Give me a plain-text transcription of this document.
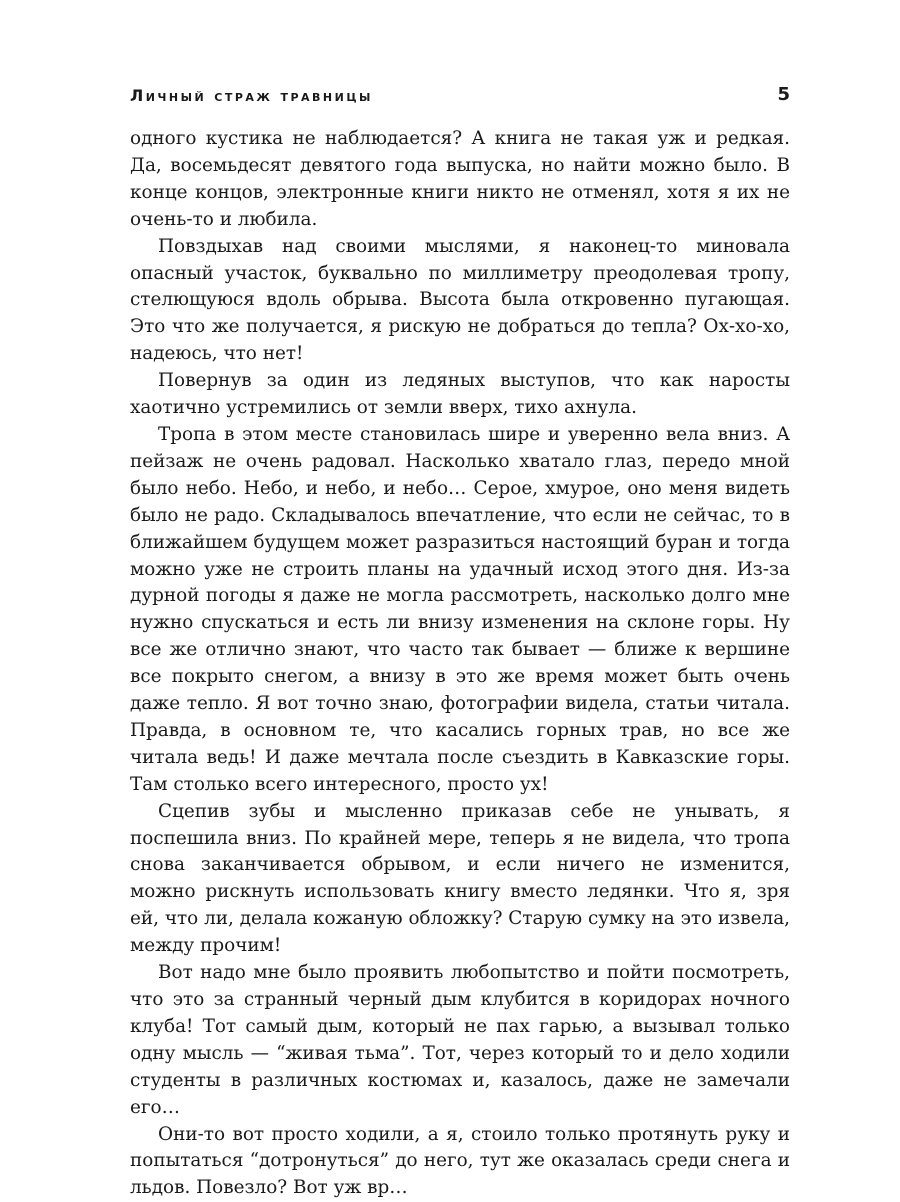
Личный страж травницы	5

одного кустика не наблюдается? А книга не такая уж и редкая. Да, восемьдесят девятого года выпуска, но найти можно было. В конце концов, электронные книги никто не отменял, хотя я их не очень-то и любила.

Повздыхав над своими мыслями, я наконец-то миновала опасный участок, буквально по миллиметру преодолевая тропу, стелющуюся вдоль обрыва. Высота была откровенно пугающая. Это что же получается, я рискую не добраться до тепла? Ох-хо-хо, надеюсь, что нет!

Повернув за один из ледяных выступов, что как наросты хаотично устремились от земли вверх, тихо ахнула.

Тропа в этом месте становилась шире и уверенно вела вниз. А пейзаж не очень радовал. Насколько хватало глаз, передо мной было небо. Небо, и небо, и небо… Серое, хмурое, оно меня видеть было не радо. Складывалось впечатление, что если не сейчас, то в ближайшем будущем может разразиться настоящий буран и тогда можно уже не строить планы на удачный исход этого дня. Из-за дурной погоды я даже не могла рассмотреть, насколько долго мне нужно спускаться и есть ли внизу изменения на склоне горы. Ну все же отлично знают, что часто так бывает — ближе к вершине все покрыто снегом, а внизу в это же время может быть очень даже тепло. Я вот точно знаю, фотографии видела, статьи читала. Правда, в основном те, что касались горных трав, но все же читала ведь! И даже мечтала после съездить в Кавказские горы. Там столько всего интересного, просто ух!

Сцепив зубы и мысленно приказав себе не унывать, я поспешила вниз. По крайней мере, теперь я не видела, что тропа снова заканчивается обрывом, и если ничего не изменится, можно рискнуть использовать книгу вместо ледянки. Что я, зря ей, что ли, делала кожаную обложку? Старую сумку на это извела, между прочим!

Вот надо мне было проявить любопытство и пойти посмотреть, что это за странный черный дым клубится в коридорах ночного клуба! Тот самый дым, который не пах гарью, а вызывал только одну мысль — “живая тьма”. Тот, через который то и дело ходили студенты в различных костюмах и, казалось, даже не замечали его…

Они-то вот просто ходили, а я, стоило только протянуть руку и попытаться “дотронуться” до него, тут же оказалась среди снега и льдов. Повезло? Вот уж вр…
